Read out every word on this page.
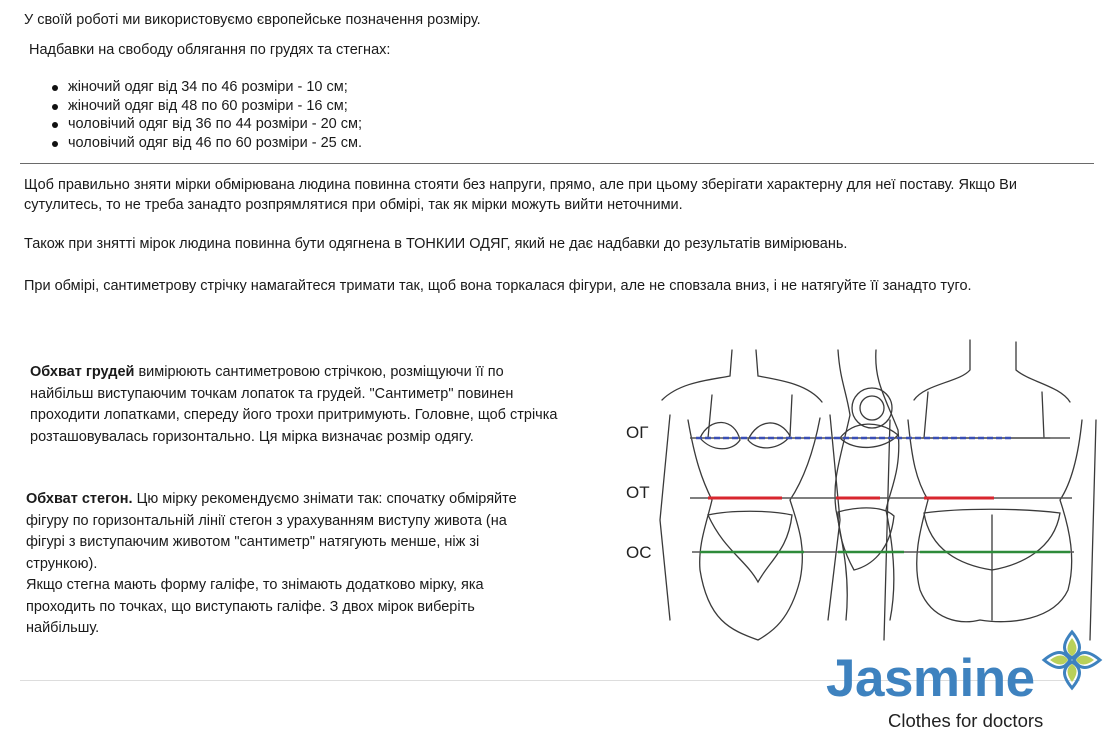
У своїй роботі ми використовуємо європейське позначення розміру.
Надбавки на свободу облягання по грудях та стегнах:
жіночий одяг від 34 по 46 розміри - 10 см;
жіночий одяг від 48 по 60 розміри - 16 см;
чоловічий одяг від 36 по 44 розміри - 20 см;
чоловічий одяг від 46 по 60 розміри - 25 см.
Щоб правильно зняти мірки обмірювана людина повинна стояти без напруги, прямо, але при цьому зберігати характерну для неї поставу. Якщо Ви сутулитесь, то не треба занадто розпрямлятися при обмірі, так як мірки можуть вийти неточними.
Також при знятті мірок людина повинна бути одягнена в ТОНКИИ ОДЯГ, який не дає надбавки до результатів вимірювань.
При обмірі, сантиметрову стрічку намагайтеся тримати так, щоб вона торкалася фігури, але не сповзала вниз, і не натягуйте її занадто туго.
Обхват грудей вимірюють сантиметровою стрічкою, розміщуючи її по найбільш виступаючим точкам лопаток та грудей. "Сантиметр" повинен проходити лопатками, спереду його трохи притримують. Головне, щоб стрічка розташовувалась горизонтально. Ця мірка визначає розмір одягу.
Обхват стегон. Цю мірку рекомендуємо знімати так: спочатку обміряйте фігуру по горизонтальній лінії стегон з урахуванням виступу живота (на фігурі з виступаючим животом "сантиметр" натягують менше, ніж зі стрункою).
Якщо стегна мають форму галіфе, то знімають додатково мірку, яка проходить по точках, що виступають галіфе. З двох мірок виберіть найбільшу.
ОГ
ОТ
ОС
Jasmine
Clothes for doctors
